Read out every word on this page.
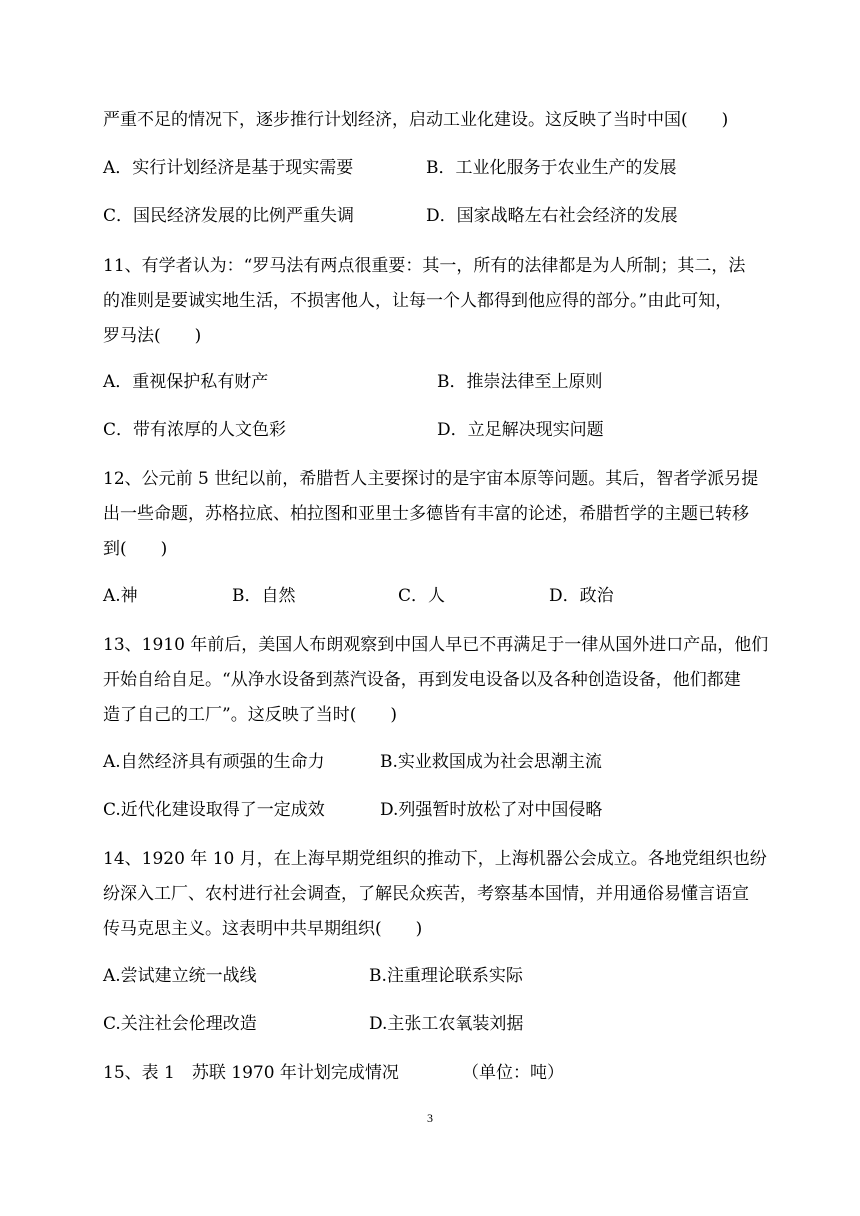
严重不足的情况下，逐步推行计划经济，启动工业化建设。这反映了当时中国(　　)
A．实行计划经济是基于现实需要	B．工业化服务于农业生产的发展
C．国民经济发展的比例严重失调	D．国家战略左右社会经济的发展
11、有学者认为：“罗马法有两点很重要：其一，所有的法律都是为人所制；其二，法
的准则是要诚实地生活，不损害他人，让每一个人都得到他应得的部分。”由此可知，
罗马法(　　)
A．重视保护私有财产	B．推崇法律至上原则
C．带有浓厚的人文色彩	D．立足解决现实问题
12、公元前 5 世纪以前，希腊哲人主要探讨的是宇宙本原等问题。其后，智者学派另提
出一些命题，苏格拉底、柏拉图和亚里士多德皆有丰富的论述，希腊哲学的主题已转移
到(　　)
A.神	B．自然	C．人	D．政治
13、1910 年前后，美国人布朗观察到中国人早已不再满足于一律从国外进口产品，他们
开始自给自足。“从净水设备到蒸汽设备，再到发电设备以及各种创造设备，他们都建
造了自己的工厂”。这反映了当时(　　)
A.自然经济具有顽强的生命力	B.实业救国成为社会思潮主流
C.近代化建设取得了一定成效	D.列强暂时放松了对中国侵略
14、1920 年 10 月，在上海早期党组织的推动下，上海机器公会成立。各地党组织也纷
纷深入工厂、农村进行社会调查，了解民众疾苦，考察基本国情，并用通俗易懂言语宣
传马克思主义。这表明中共早期组织(　　)
A.尝试建立统一战线	B.注重理论联系实际
C.关注社会伦理改造	D.主张工农氧装刘据
15、表 1　苏联 1970 年计划完成情况	（单位：吨）
3
